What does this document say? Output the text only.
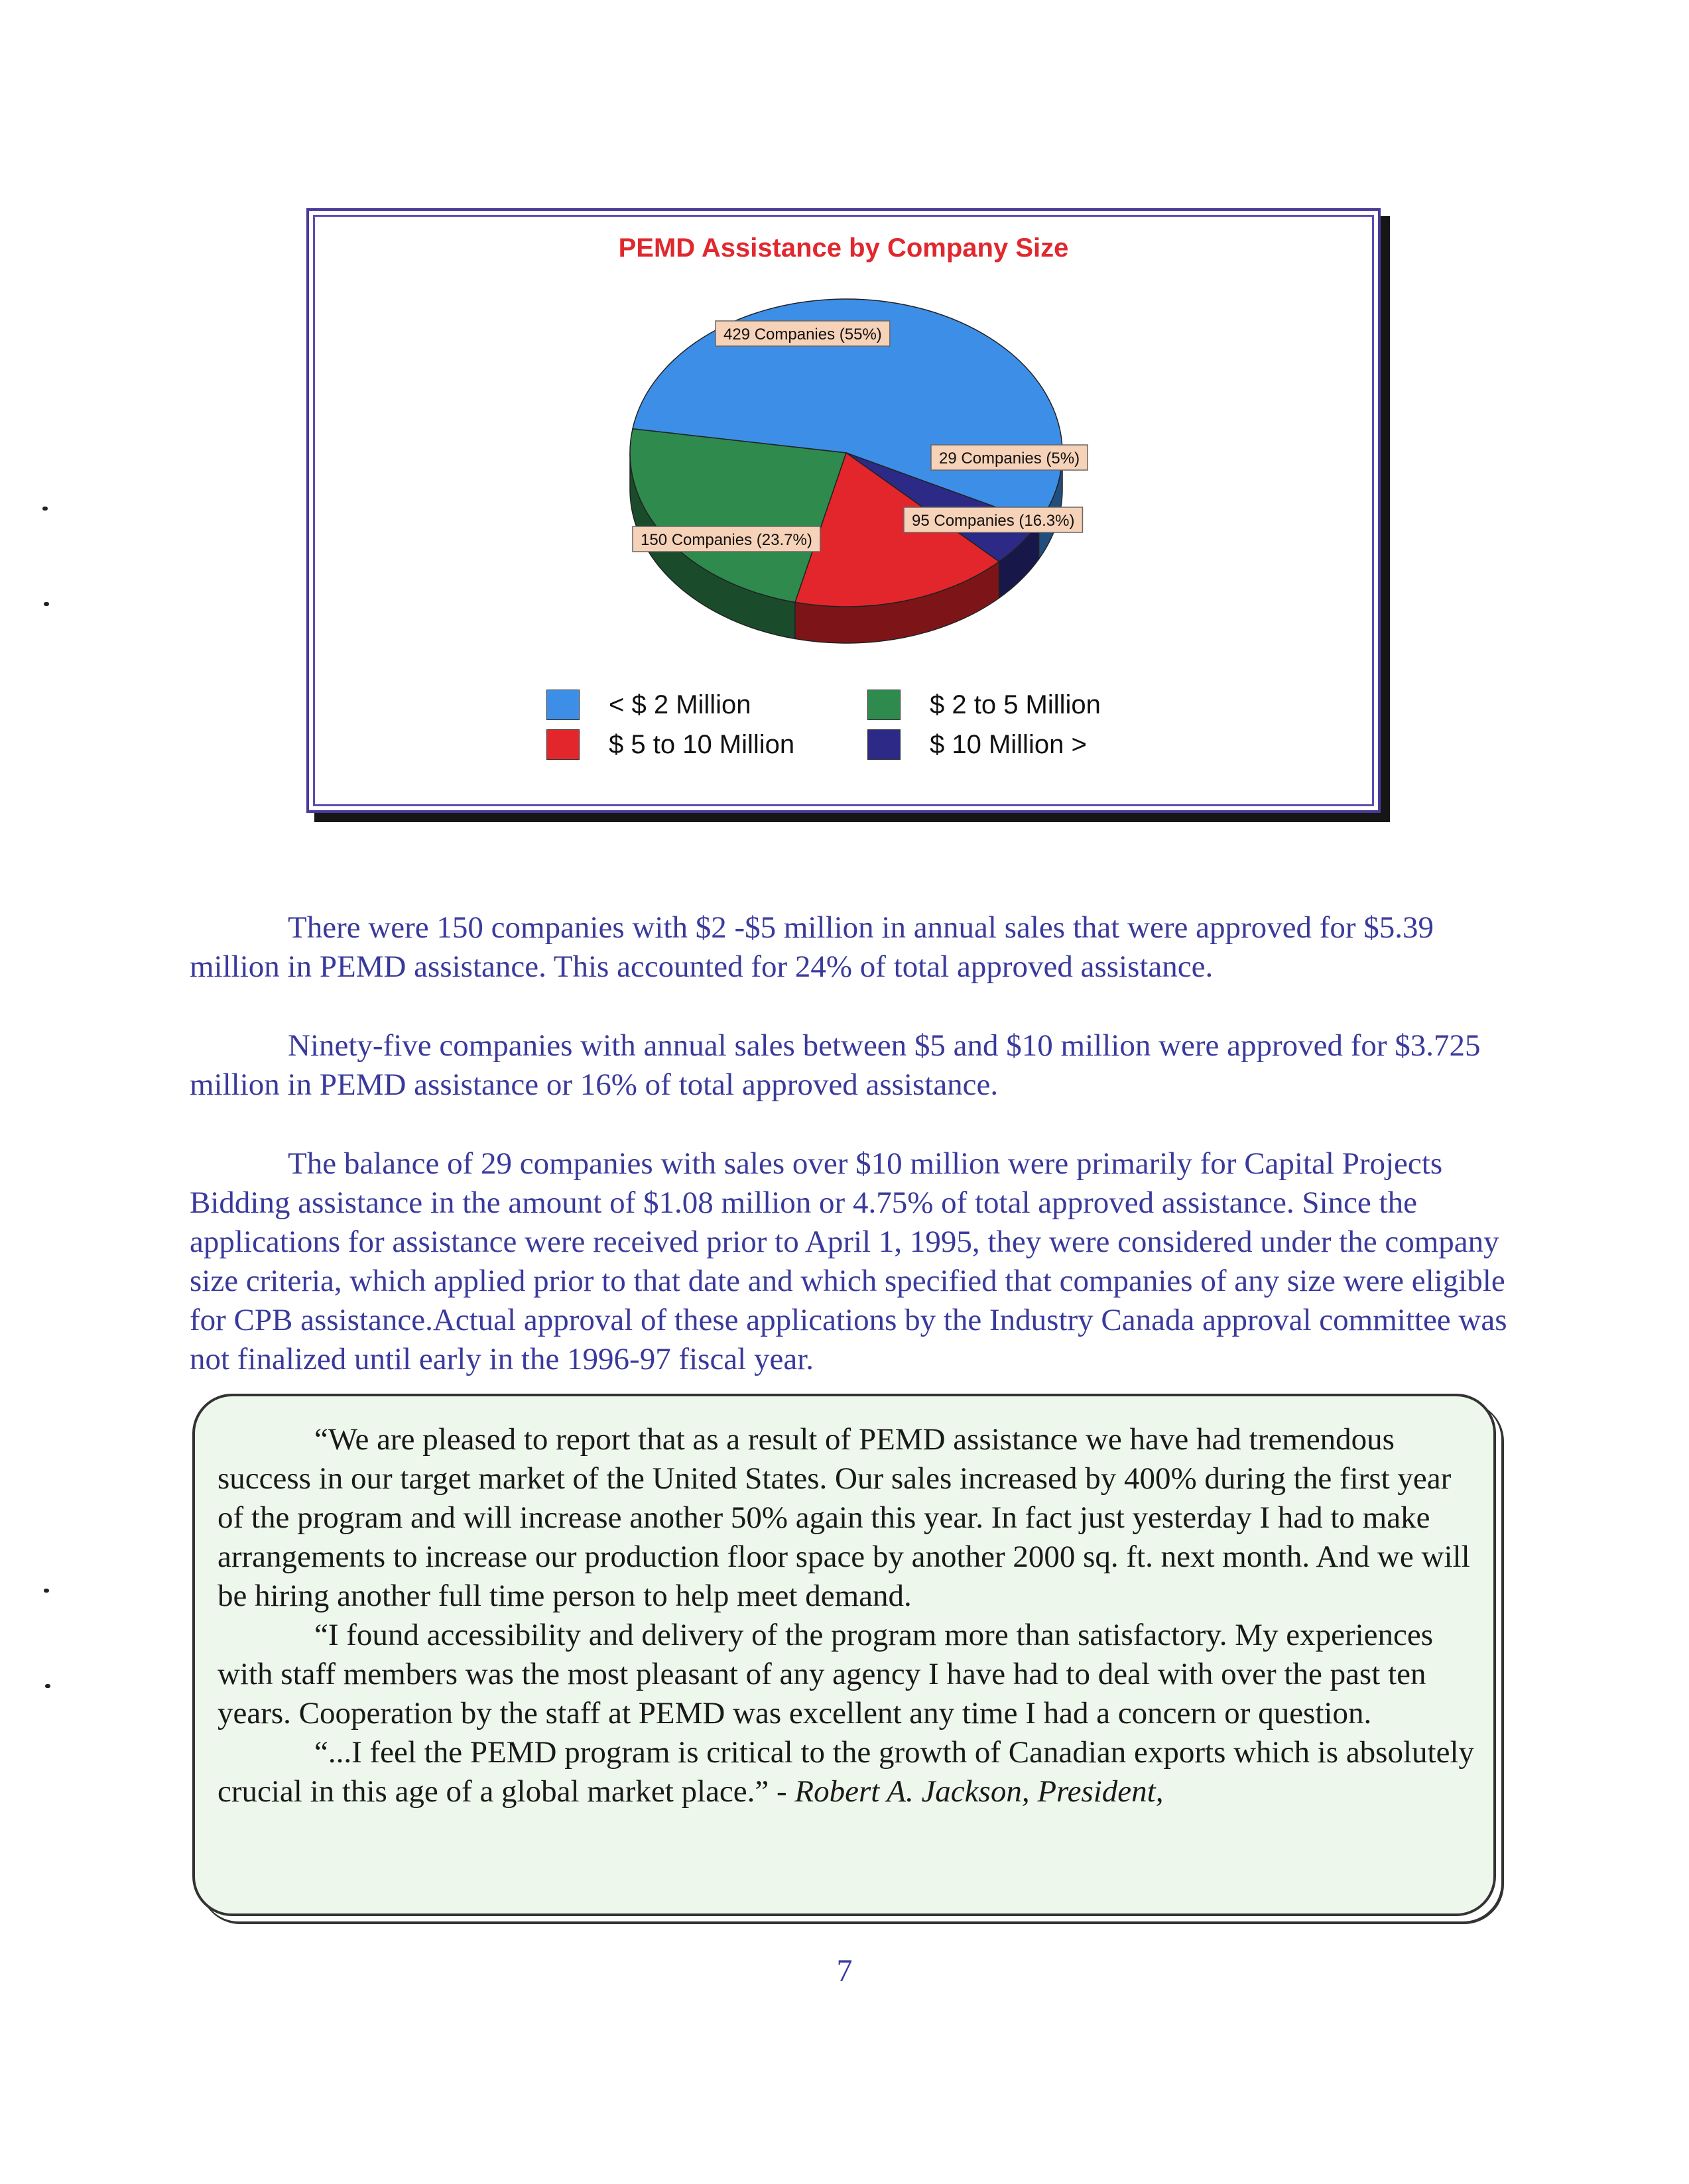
PEMD Assistance by Company Size
429 Companies (55%)
29 Companies (5%)
95 Companies (16.3%)
150 Companies (23.7%)
< $ 2 Million	$ 2 to 5 Million
$ 5 to 10 Million	$ 10 Million >

There were 150 companies with $2 -$5 million in annual sales that were approved for $5.39 million in PEMD assistance. This accounted for 24% of total approved assistance.

Ninety-five companies with annual sales between $5 and $10 million were approved for $3.725 million in PEMD assistance or 16% of total approved assistance.

The balance of 29 companies with sales over $10 million were primarily for Capital Projects Bidding assistance in the amount of $1.08 million or 4.75% of total approved assistance. Since the applications for assistance were received prior to April 1, 1995, they were considered under the company size criteria, which applied prior to that date and which specified that companies of any size were eligible for CPB assistance.Actual approval of these applications by the Industry Canada approval committee was not finalized until early in the 1996-97 fiscal year.

“We are pleased to report that as a result of PEMD assistance we have had tremendous success in our target market of the United States. Our sales increased by 400% during the first year of the program and will increase another 50% again this year. In fact just yesterday I had to make arrangements to increase our production floor space by another 2000 sq. ft. next month. And we will be hiring another full time person to help meet demand.

“I found accessibility and delivery of the program more than satisfactory. My experiences with staff members was the most pleasant of any agency I have had to deal with over the past ten years. Cooperation by the staff at PEMD was excellent any time I had a concern or question.

“...I feel the PEMD program is critical to the growth of Canadian exports which is absolutely crucial in this age of a global market place.” - Robert A. Jackson, President,

7
